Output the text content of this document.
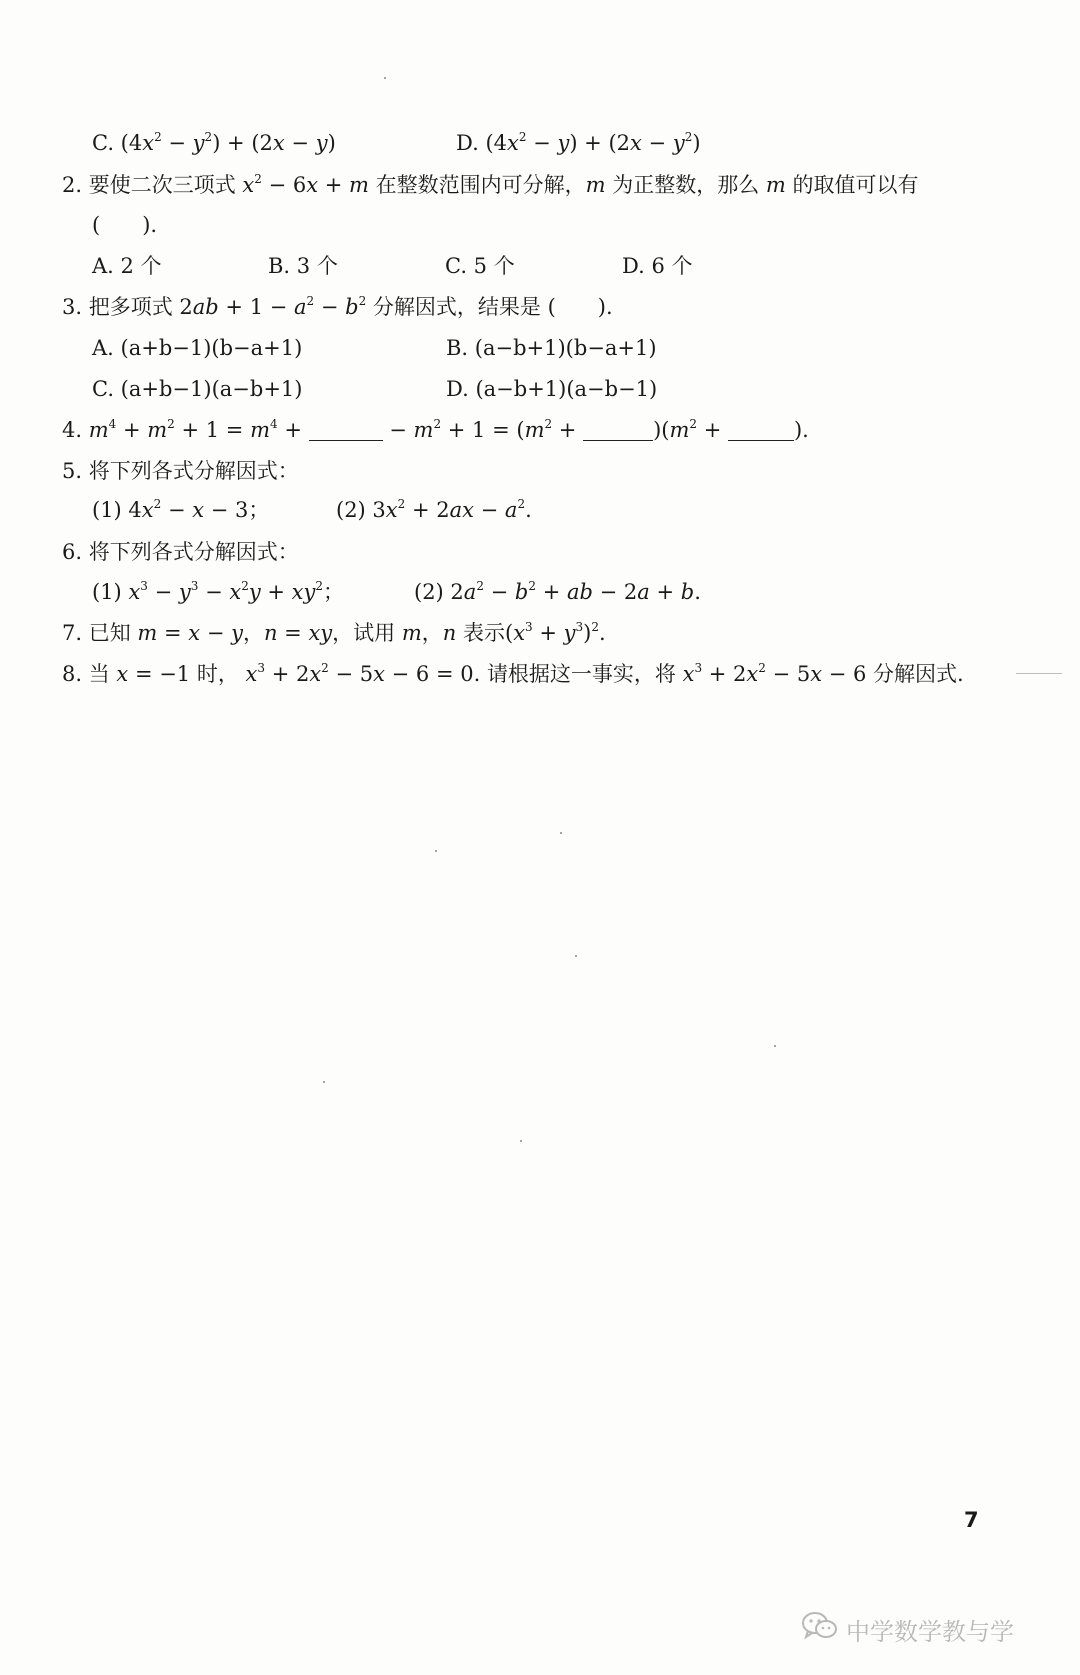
C. $(4x^2 - y^2) + (2x - y)$	D. $(4x^2 - y) + (2x - y^2)$
2. 要使二次三项式 $x^2 - 6x + m$ 在整数范围内可分解，m 为正整数，那么 m 的取值可以有
(　　).
A. 2 个	B. 3 个	C. 5 个	D. 6 个
3. 把多项式 $2ab + 1 - a^2 - b^2$ 分解因式，结果是 (　　).
A. (a+b−1)(b−a+1)	B. (a−b+1)(b−a+1)
C. (a+b−1)(a−b+1)	D. (a−b+1)(a−b−1)
4. $m^4 + m^2 + 1 = m^4$ +	− $m^2 + 1 = (m^2$ +	)($m^2$ +	).
5. 将下列各式分解因式：
(1) $4x^2 - x - 3$；	(2) $3x^2 + 2ax - a^2$.
6. 将下列各式分解因式：
(1) $x^3 - y^3 - x^2y + xy^2$；	(2) $2a^2 - b^2$ + ab − 2a + b.
7. 已知 m = x − y，n = xy，试用 m，n 表示$(x^3 + y^3)^2$.
8. 当 x = −1 时， $x^3 + 2x^2 - 5x - 6 = 0$. 请根据这一事实，将 $x^3 + 2x^2 - 5x - 6$ 分解因式.
7
中学数学教与学
